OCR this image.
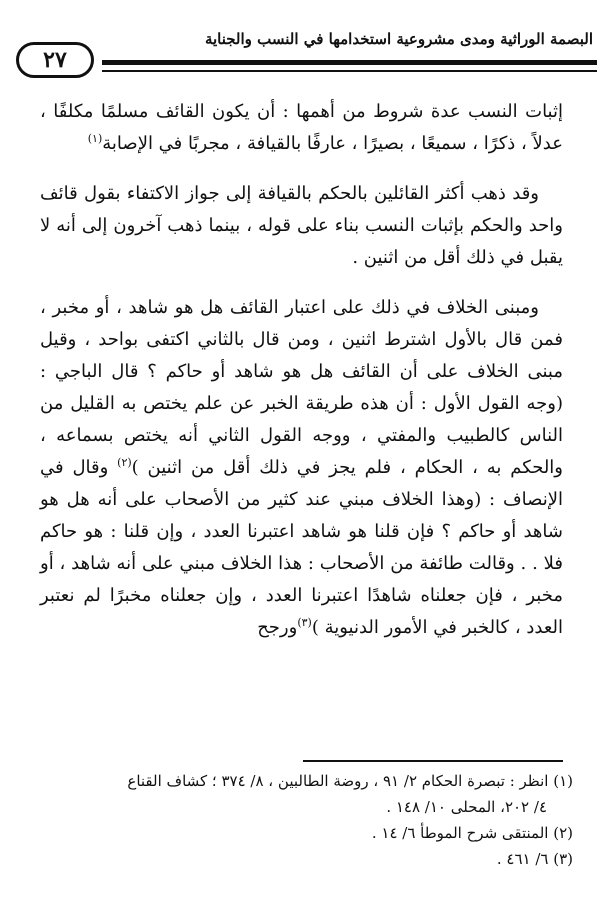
البصمة الوراثية ومدى مشروعية استخدامها في النسب والجناية
٢٧

إثبات النسب عدة شروط من أهمها : أن يكون القائف مسلمًا مكلفًا ، عدلاً ، ذكرًا ، سميعًا ، بصيرًا ، عارفًا بالقيافة ، مجربًا في الإصابة$^{(١)}$

وقد ذهب أكثر القائلين بالحكم بالقيافة إلى جواز الاكتفاء بقول قائف واحد والحكم بإثبات النسب بناء على قوله ، بينما ذهب آخرون إلى أنه لا يقبل في ذلك أقل من اثنين .

ومبنى الخلاف في ذلك على اعتبار القائف هل هو شاهد ، أو مخبر ، فمن قال بالأول اشترط اثنين ، ومن قال بالثاني اكتفى بواحد ، وقيل مبنى الخلاف على أن القائف هل هو شاهد أو حاكم ؟ قال الباجي : (وجه القول الأول : أن هذه طريقة الخبر عن علم يختص به القليل من الناس كالطبيب والمفتي ، ووجه القول الثاني أنه يختص بسماعه ، والحكم به ، الحكام ، فلم يجز في ذلك أقل من اثنين )$^{(٢)}$ وقال في الإنصاف : (وهذا الخلاف مبني عند كثير من الأصحاب على أنه هل هو شاهد أو حاكم ؟ فإن قلنا هو شاهد اعتبرنا العدد ، وإن قلنا : هو حاكم فلا . . وقالت طائفة من الأصحاب : هذا الخلاف مبني على أنه شاهد ، أو مخبر ، فإن جعلناه شاهدًا اعتبرنا العدد ، وإن جعلناه مخبرًا لم نعتبر العدد ، كالخبر في الأمور الدنيوية )$^{(٣)}$ورجح

(١) انظر : تبصرة الحكام ٢/ ٩١ ، روضة الطالبين ، ٨/ ٣٧٤ ؛ كشاف القناع
٤/ ٢٠٢، المحلى ١٠/ ١٤٨ .
(٢) المنتقى شرح الموطأ ٦/ ١٤ .
(٣) ٦/ ٤٦١ .
